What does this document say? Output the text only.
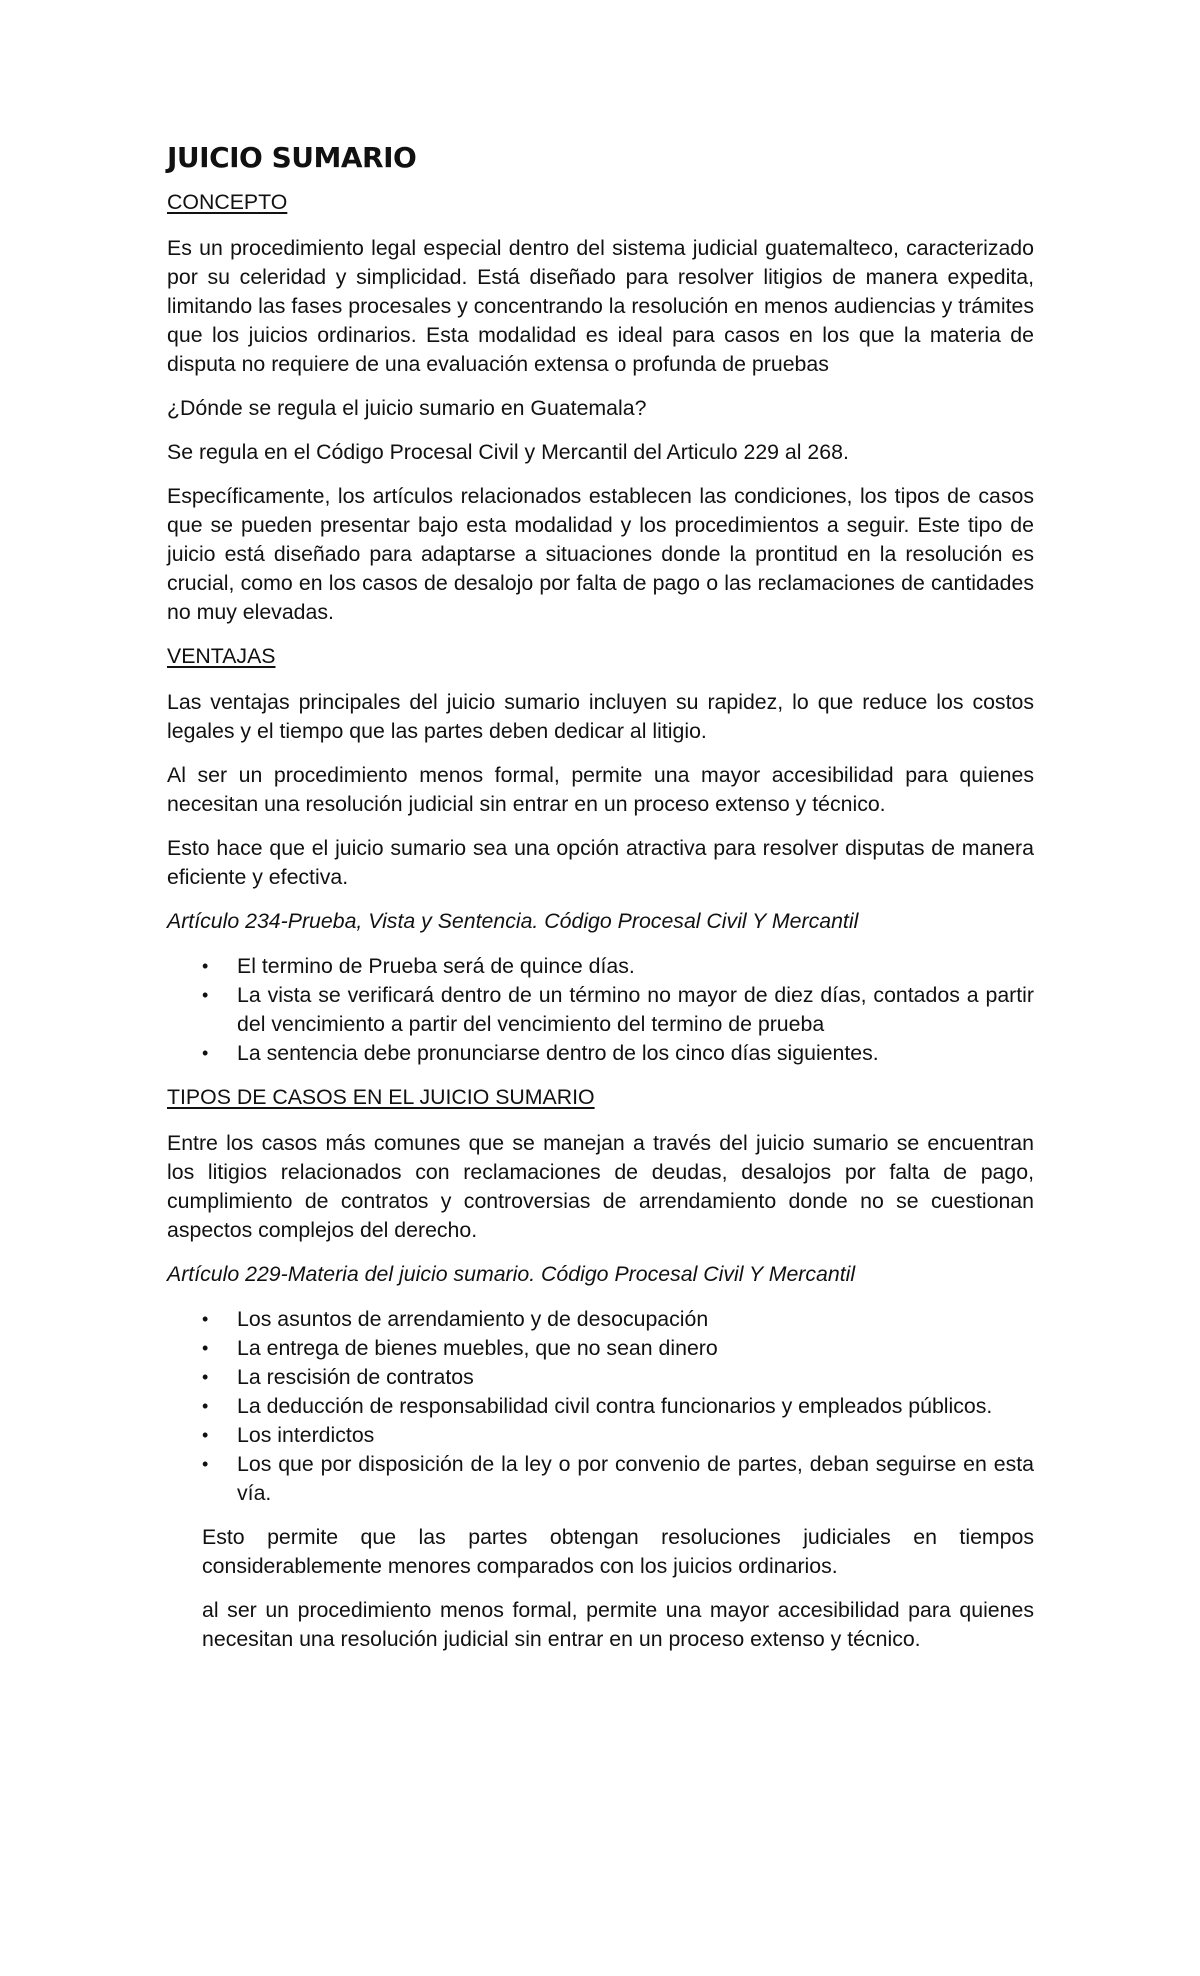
JUICIO SUMARIO
CONCEPTO

Es un procedimiento legal especial dentro del sistema judicial guatemalteco, caracterizado por su celeridad y simplicidad. Está diseñado para resolver litigios de manera expedita, limitando las fases procesales y concentrando la resolución en menos audiencias y trámites que los juicios ordinarios. Esta modalidad es ideal para casos en los que la materia de disputa no requiere de una evaluación extensa o profunda de pruebas

¿Dónde se regula el juicio sumario en Guatemala?

Se regula en el Código Procesal Civil y Mercantil del Articulo 229 al 268.

Específicamente, los artículos relacionados establecen las condiciones, los tipos de casos que se pueden presentar bajo esta modalidad y los procedimientos a seguir. Este tipo de juicio está diseñado para adaptarse a situaciones donde la prontitud en la resolución es crucial, como en los casos de desalojo por falta de pago o las reclamaciones de cantidades no muy elevadas.

VENTAJAS

Las ventajas principales del juicio sumario incluyen su rapidez, lo que reduce los costos legales y el tiempo que las partes deben dedicar al litigio.

Al ser un procedimiento menos formal, permite una mayor accesibilidad para quienes necesitan una resolución judicial sin entrar en un proceso extenso y técnico.

Esto hace que el juicio sumario sea una opción atractiva para resolver disputas de manera eficiente y efectiva.

Artículo 234-Prueba, Vista y Sentencia. Código Procesal Civil Y Mercantil

• El termino de Prueba será de quince días.
• La vista se verificará dentro de un término no mayor de diez días, contados a partir del vencimiento a partir del vencimiento del termino de prueba
• La sentencia debe pronunciarse dentro de los cinco días siguientes.
TIPOS DE CASOS EN EL JUICIO SUMARIO

Entre los casos más comunes que se manejan a través del juicio sumario se encuentran los litigios relacionados con reclamaciones de deudas, desalojos por falta de pago, cumplimiento de contratos y controversias de arrendamiento donde no se cuestionan aspectos complejos del derecho.

Artículo 229-Materia del juicio sumario. Código Procesal Civil Y Mercantil

• Los asuntos de arrendamiento y de desocupación
• La entrega de bienes muebles, que no sean dinero
• La rescisión de contratos
• La deducción de responsabilidad civil contra funcionarios y empleados públicos.
• Los interdictos
• Los que por disposición de la ley o por convenio de partes, deban seguirse en esta vía.

Esto permite que las partes obtengan resoluciones judiciales en tiempos considerablemente menores comparados con los juicios ordinarios.

al ser un procedimiento menos formal, permite una mayor accesibilidad para quienes necesitan una resolución judicial sin entrar en un proceso extenso y técnico.
